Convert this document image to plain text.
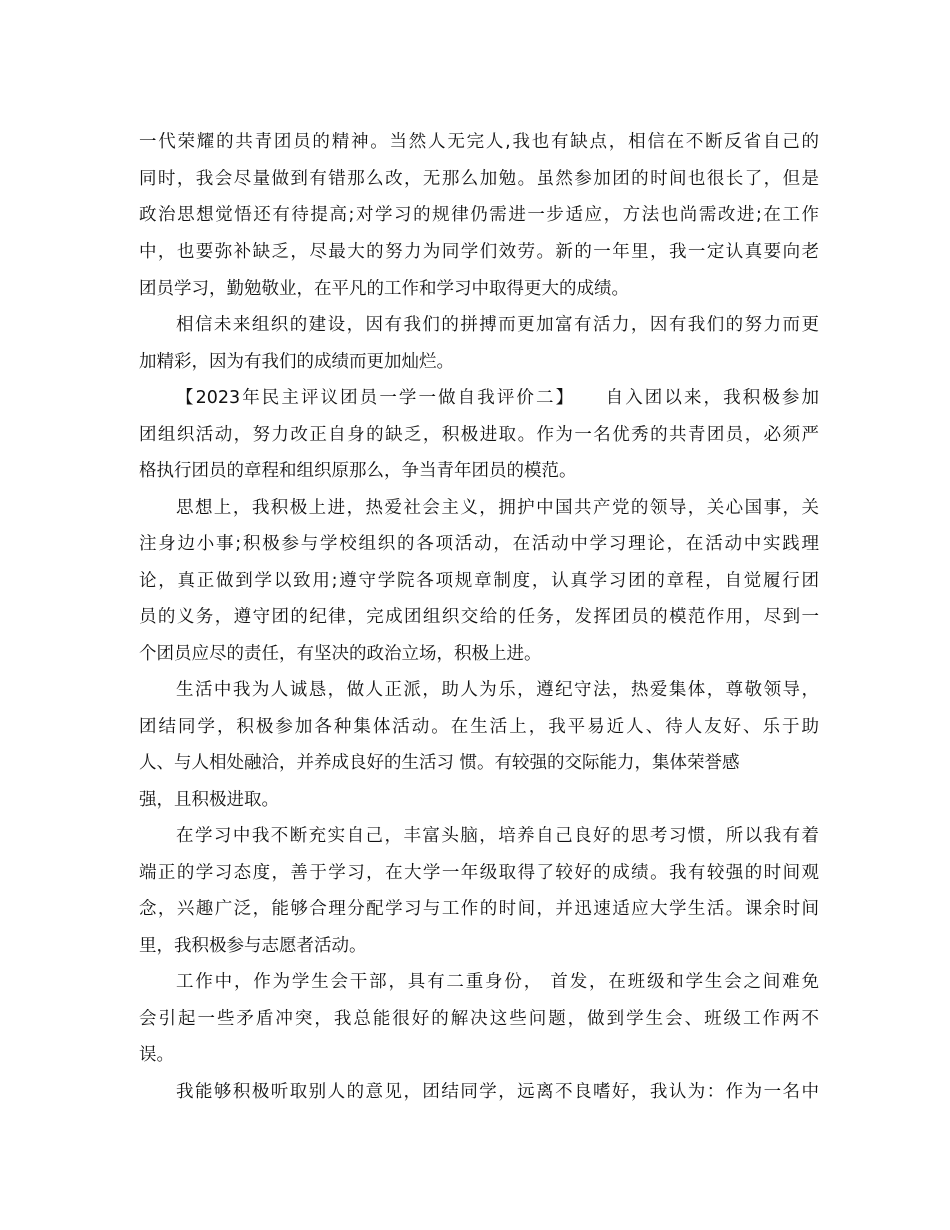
一代荣耀的共青团员的精神。当然人无完人,我也有缺点，相信在不断反省自己的
同时，我会尽量做到有错那么改，无那么加勉。虽然参加团的时间也很长了，但是
政治思想觉悟还有待提高;对学习的规律仍需进一步适应，方法也尚需改进;在工作
中，也要弥补缺乏，尽最大的努力为同学们效劳。新的一年里，我一定认真要向老
团员学习，勤勉敬业，在平凡的工作和学习中取得更大的成绩。
相信未来组织的建设，因有我们的拼搏而更加富有活力，因有我们的努力而更
加精彩，因为有我们的成绩而更加灿烂。
【2023年民主评议团员一学一做自我评价二】　　自入团以来，我积极参加
团组织活动，努力改正自身的缺乏，积极进取。作为一名优秀的共青团员，必须严
格执行团员的章程和组织原那么，争当青年团员的模范。
思想上，我积极上进，热爱社会主义，拥护中国共产党的领导，关心国事，关
注身边小事;积极参与学校组织的各项活动，在活动中学习理论，在活动中实践理
论，真正做到学以致用;遵守学院各项规章制度，认真学习团的章程，自觉履行团
员的义务，遵守团的纪律，完成团组织交给的任务，发挥团员的模范作用，尽到一
个团员应尽的责任，有坚决的政治立场，积极上进。
生活中我为人诚恳，做人正派，助人为乐，遵纪守法，热爱集体，尊敬领导，
团结同学，积极参加各种集体活动。在生活上，我平易近人、待人友好、乐于助
人、与人相处融洽，并养成良好的生活习 惯。有较强的交际能力，集体荣誉感
强，且积极进取。
在学习中我不断充实自己，丰富头脑，培养自己良好的思考习惯，所以我有着
端正的学习态度，善于学习，在大学一年级取得了较好的成绩。我有较强的时间观
念，兴趣广泛，能够合理分配学习与工作的时间，并迅速适应大学生活。课余时间
里，我积极参与志愿者活动。
工作中，作为学生会干部，具有二重身份， 首发，在班级和学生会之间难免
会引起一些矛盾冲突，我总能很好的解决这些问题，做到学生会、班级工作两不
误。
我能够积极听取别人的意见，团结同学，远离不良嗜好，我认为：作为一名中
